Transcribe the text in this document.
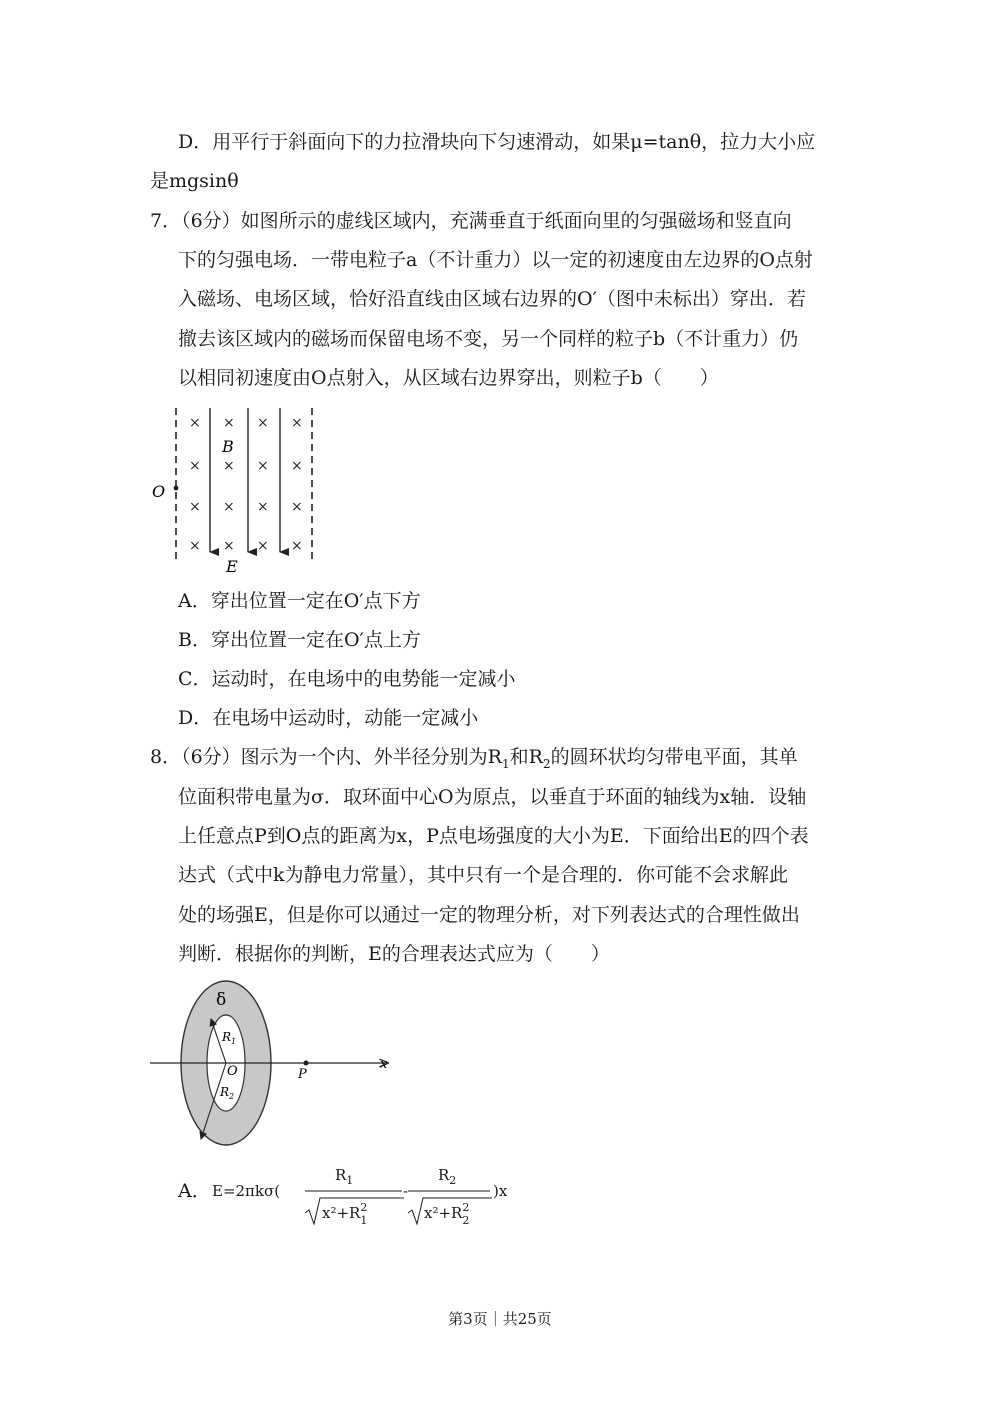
D．用平行于斜面向下的力拉滑块向下匀速滑动，如果μ=tanθ，拉力大小应
是mgsinθ
7．（6分）如图所示的虚线区域内，充满垂直于纸面向里的匀强磁场和竖直向
下的匀强电场．一带电粒子a（不计重力）以一定的初速度由左边界的O点射
入磁场、电场区域，恰好沿直线由区域右边界的O′（图中未标出）穿出．若
撤去该区域内的磁场而保留电场不变，另一个同样的粒子b（不计重力）仍
以相同初速度由O点射入，从区域右边界穿出，则粒子b（　　）
O
B
E
× × × ×
× × × ×
× × × ×
× × × ×
A．穿出位置一定在O′点下方
B．穿出位置一定在O′点上方
C．运动时，在电场中的电势能一定减小
D．在电场中运动时，动能一定减小
8．（6分）图示为一个内、外半径分别为$R_1$和$R_2$的圆环状均匀带电平面，其单
位面积带电量为σ．取环面中心O为原点，以垂直于环面的轴线为x轴．设轴
上任意点P到O点的距离为x，P点电场强度的大小为E．下面给出E的四个表
达式（式中k为静电力常量），其中只有一个是合理的．你可能不会求解此
处的场强E，但是你可以通过一定的物理分析，对下列表达式的合理性做出
判断．根据你的判断，E的合理表达式应为（　　）
δ
$R_1$
$R_2$
O	P
x
A． E=2πkσ(
$R_1$
$x^2+R^2$ 1
-
$R_2$
$x^2+R^2$ 2
)x
第3页｜共25页
